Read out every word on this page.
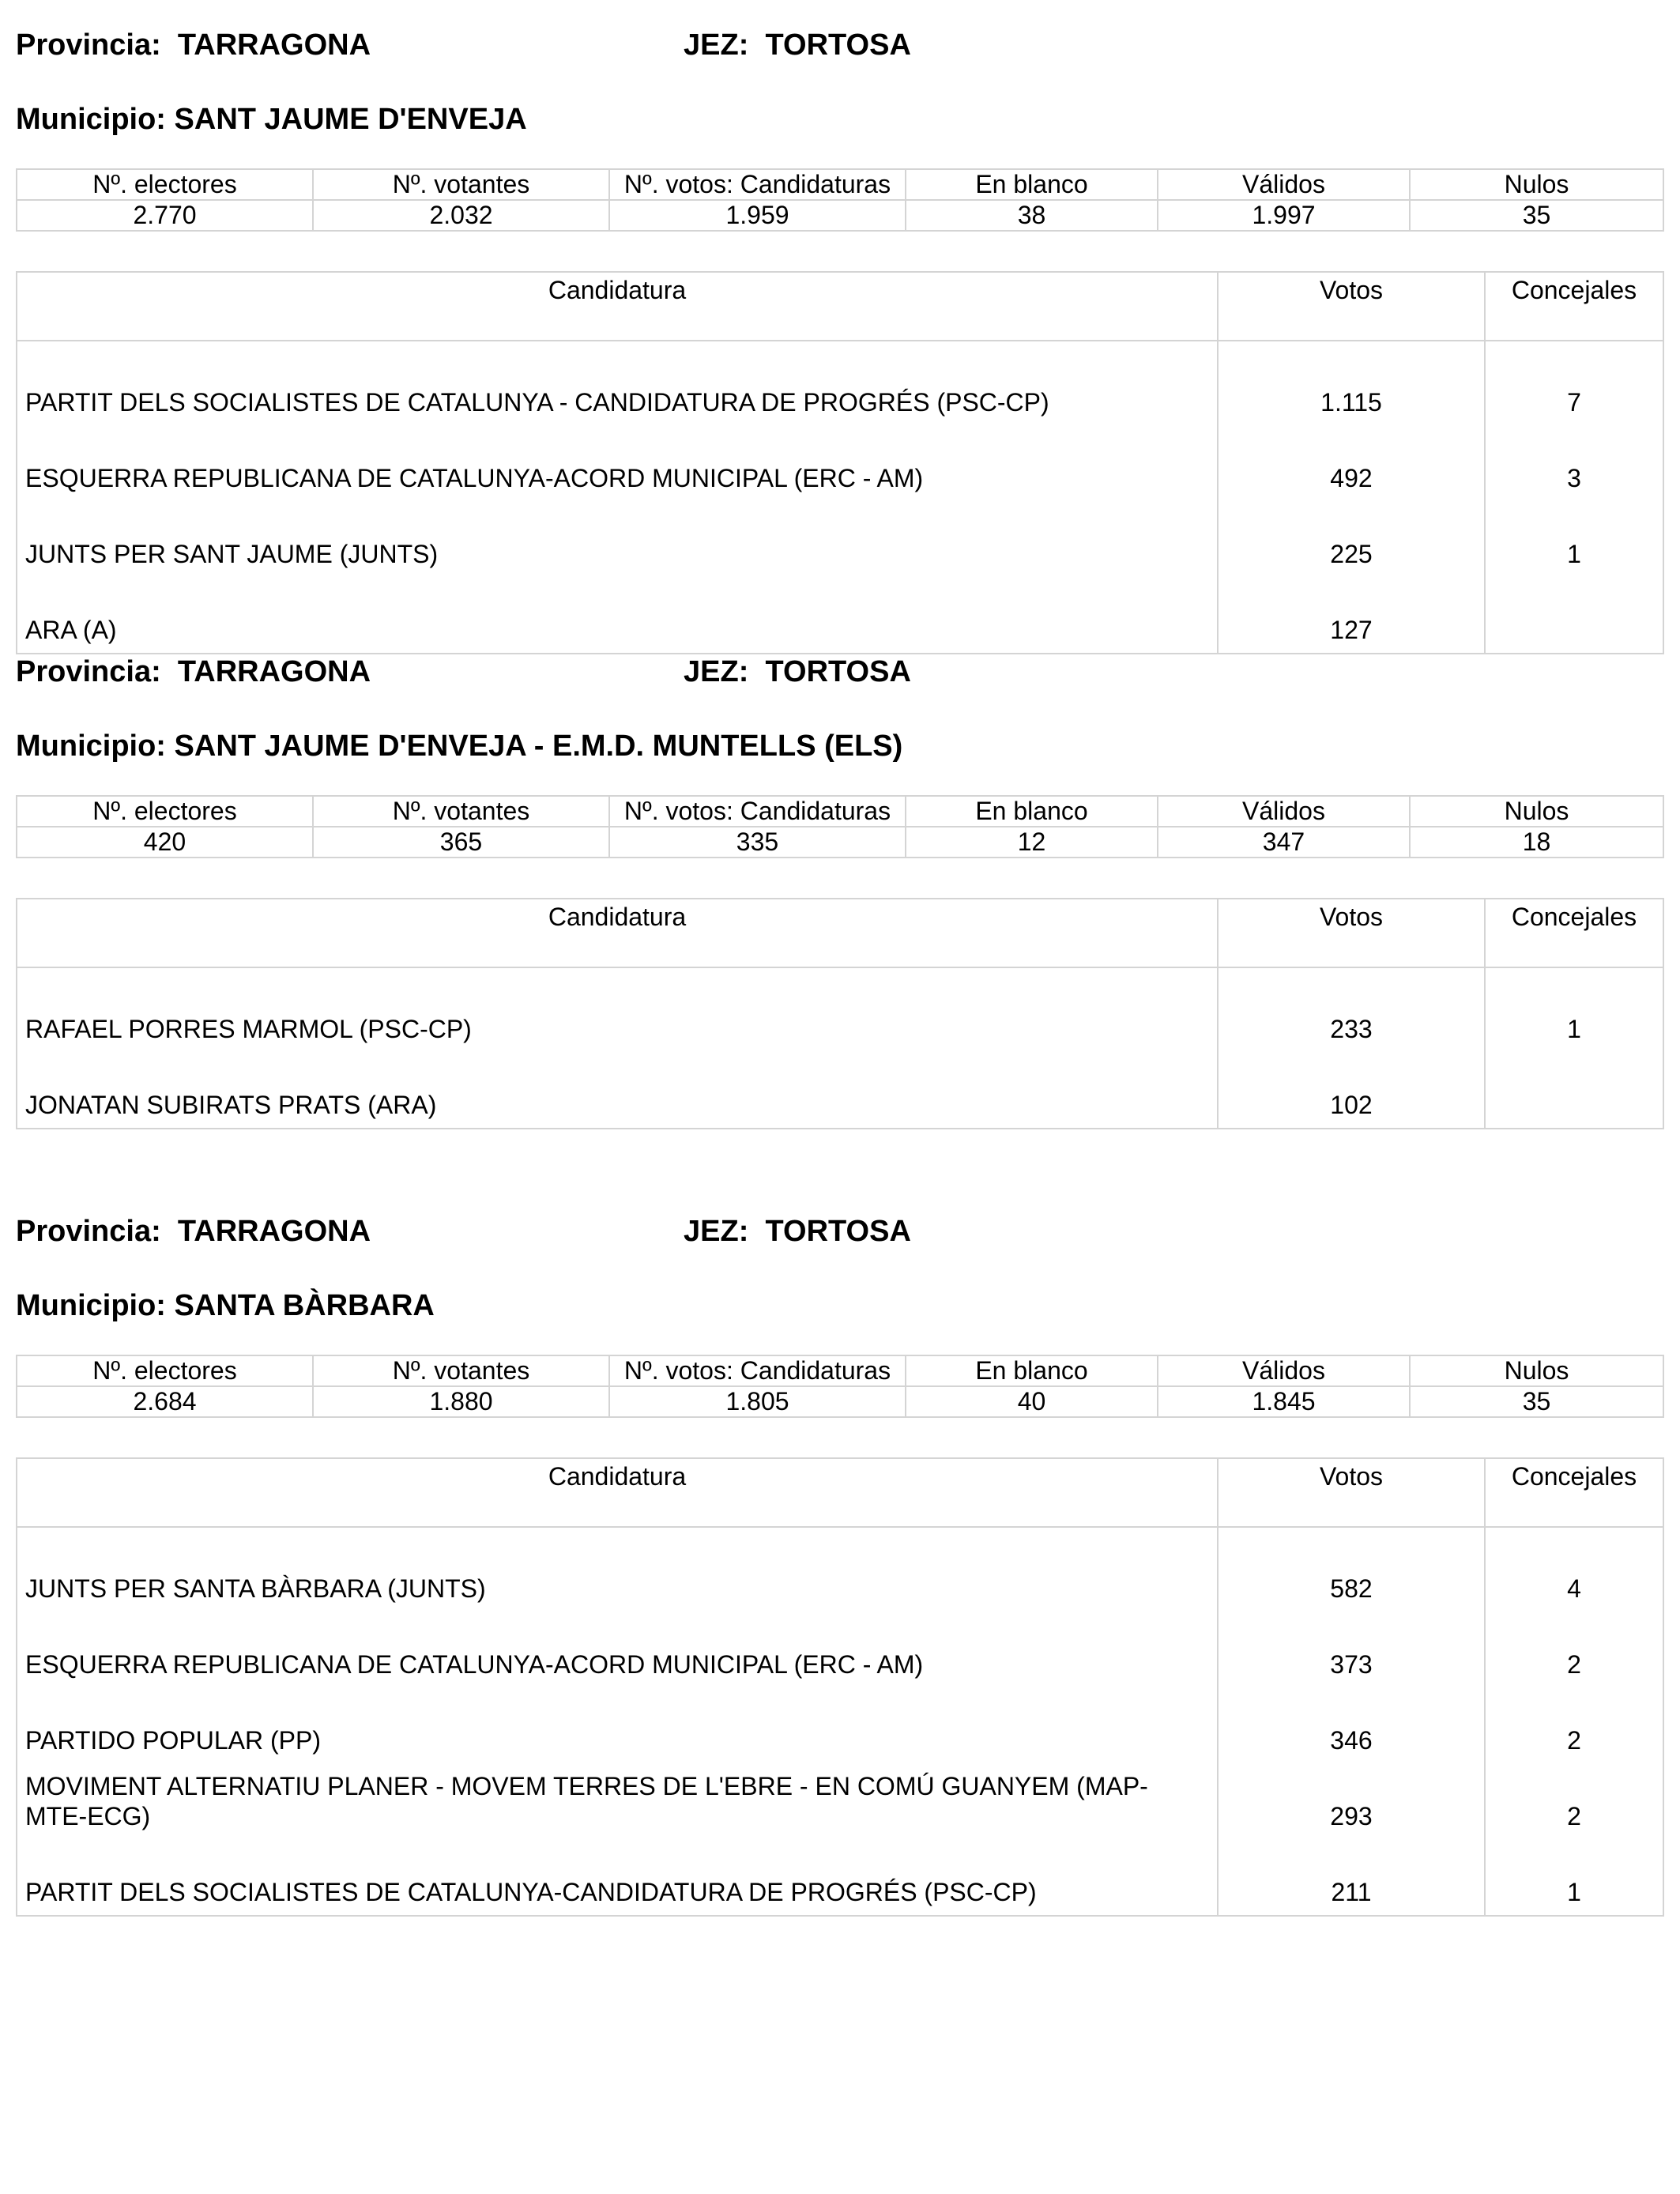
Provincia: TARRAGONA	JEZ: TORTOSA
Municipio: SANT JAUME D'ENVEJA
Nº. electores	Nº. votantes	Nº. votos: Candidaturas	En blanco	Válidos	Nulos
2.770	2.032	1.959	38	1.997	35
Candidatura	Votos	Concejales
PARTIT DELS SOCIALISTES DE CATALUNYA - CANDIDATURA DE PROGRÉS (PSC-CP)	1.115	7
ESQUERRA REPUBLICANA DE CATALUNYA-ACORD MUNICIPAL (ERC - AM)	492	3
JUNTS PER SANT JAUME (JUNTS)	225	1
ARA (A)	127	
Provincia: TARRAGONA	JEZ: TORTOSA
Municipio: SANT JAUME D'ENVEJA - E.M.D. MUNTELLS (ELS)
Nº. electores	Nº. votantes	Nº. votos: Candidaturas	En blanco	Válidos	Nulos
420	365	335	12	347	18
Candidatura	Votos	Concejales
RAFAEL PORRES MARMOL (PSC-CP)	233	1
JONATAN SUBIRATS PRATS (ARA)	102	
Provincia: TARRAGONA	JEZ: TORTOSA
Municipio: SANTA BÀRBARA
Nº. electores	Nº. votantes	Nº. votos: Candidaturas	En blanco	Válidos	Nulos
2.684	1.880	1.805	40	1.845	35
Candidatura	Votos	Concejales
JUNTS PER SANTA BÀRBARA (JUNTS)	582	4
ESQUERRA REPUBLICANA DE CATALUNYA-ACORD MUNICIPAL (ERC - AM)	373	2
PARTIDO POPULAR (PP)	346	2
MOVIMENT ALTERNATIU PLANER - MOVEM TERRES DE L'EBRE - EN COMÚ GUANYEM (MAP-MTE-ECG)	293	2
PARTIT DELS SOCIALISTES DE CATALUNYA-CANDIDATURA DE PROGRÉS (PSC-CP)	211	1
